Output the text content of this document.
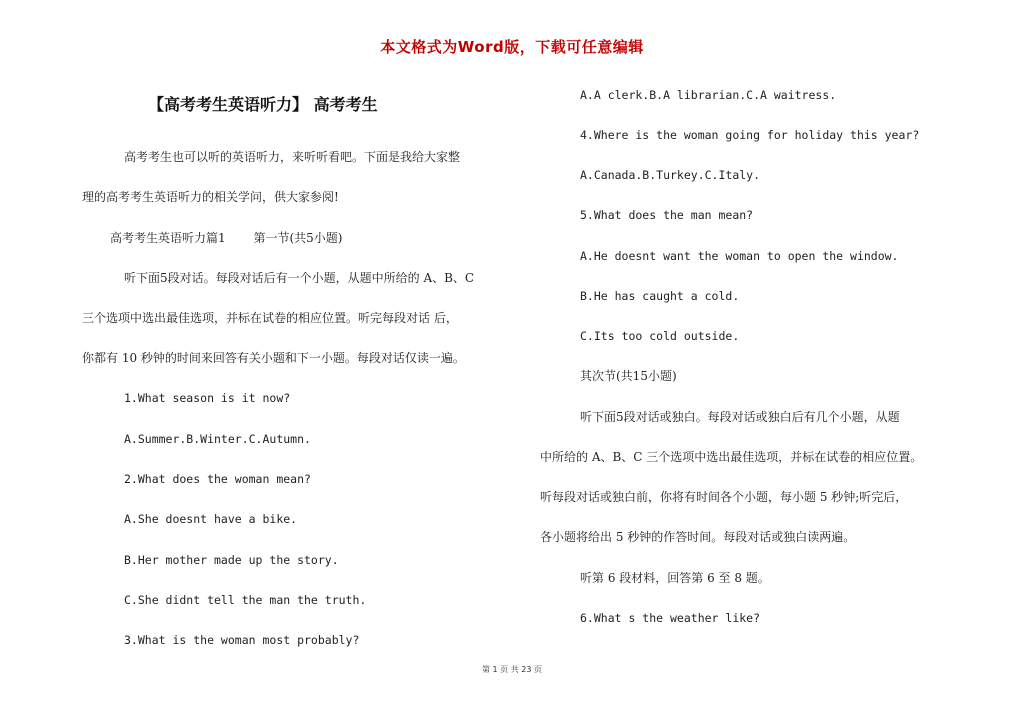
本文格式为Word版，下载可任意编辑
【高考考生英语听力】 高考考生
高考考生也可以听的英语听力，来听听看吧。下面是我给大家整
理的高考考生英语听力的相关学问，供大家参阅!
高考考生英语听力篇1　　 第一节(共5小题)
听下面5段对话。每段对话后有一个小题，从题中所给的 A、B、C
三个选项中选出最佳选项，并标在试卷的相应位置。听完每段对话 后，
你都有 10 秒钟的时间来回答有关小题和下一小题。每段对话仅读一遍。
1.What season is it now?
A.Summer.B.Winter.C.Autumn.
2.What does the woman mean?
A.She doesnt have a bike.
B.Her mother made up the story.
C.She didnt tell the man the truth.
3.What is the woman most probably?
A.A clerk.B.A librarian.C.A waitress.
4.Where is the woman going for holiday this year?
A.Canada.B.Turkey.C.Italy.
5.What does the man mean?
A.He doesnt want the woman to open the window.
B.He has caught a cold.
C.Its too cold outside.
其次节(共15小题)
听下面5段对话或独白。每段对话或独白后有几个小题，从题
中所给的 A、B、C 三个选项中选出最佳选项，并标在试卷的相应位置。
听每段对话或独白前，你将有时间各个小题，每小题 5 秒钟;听完后，
各小题将给出 5 秒钟的作答时间。每段对话或独白读两遍。
听第 6 段材料，回答第 6 至 8 题。
6.What s the weather like?
第 1 页 共 23 页
